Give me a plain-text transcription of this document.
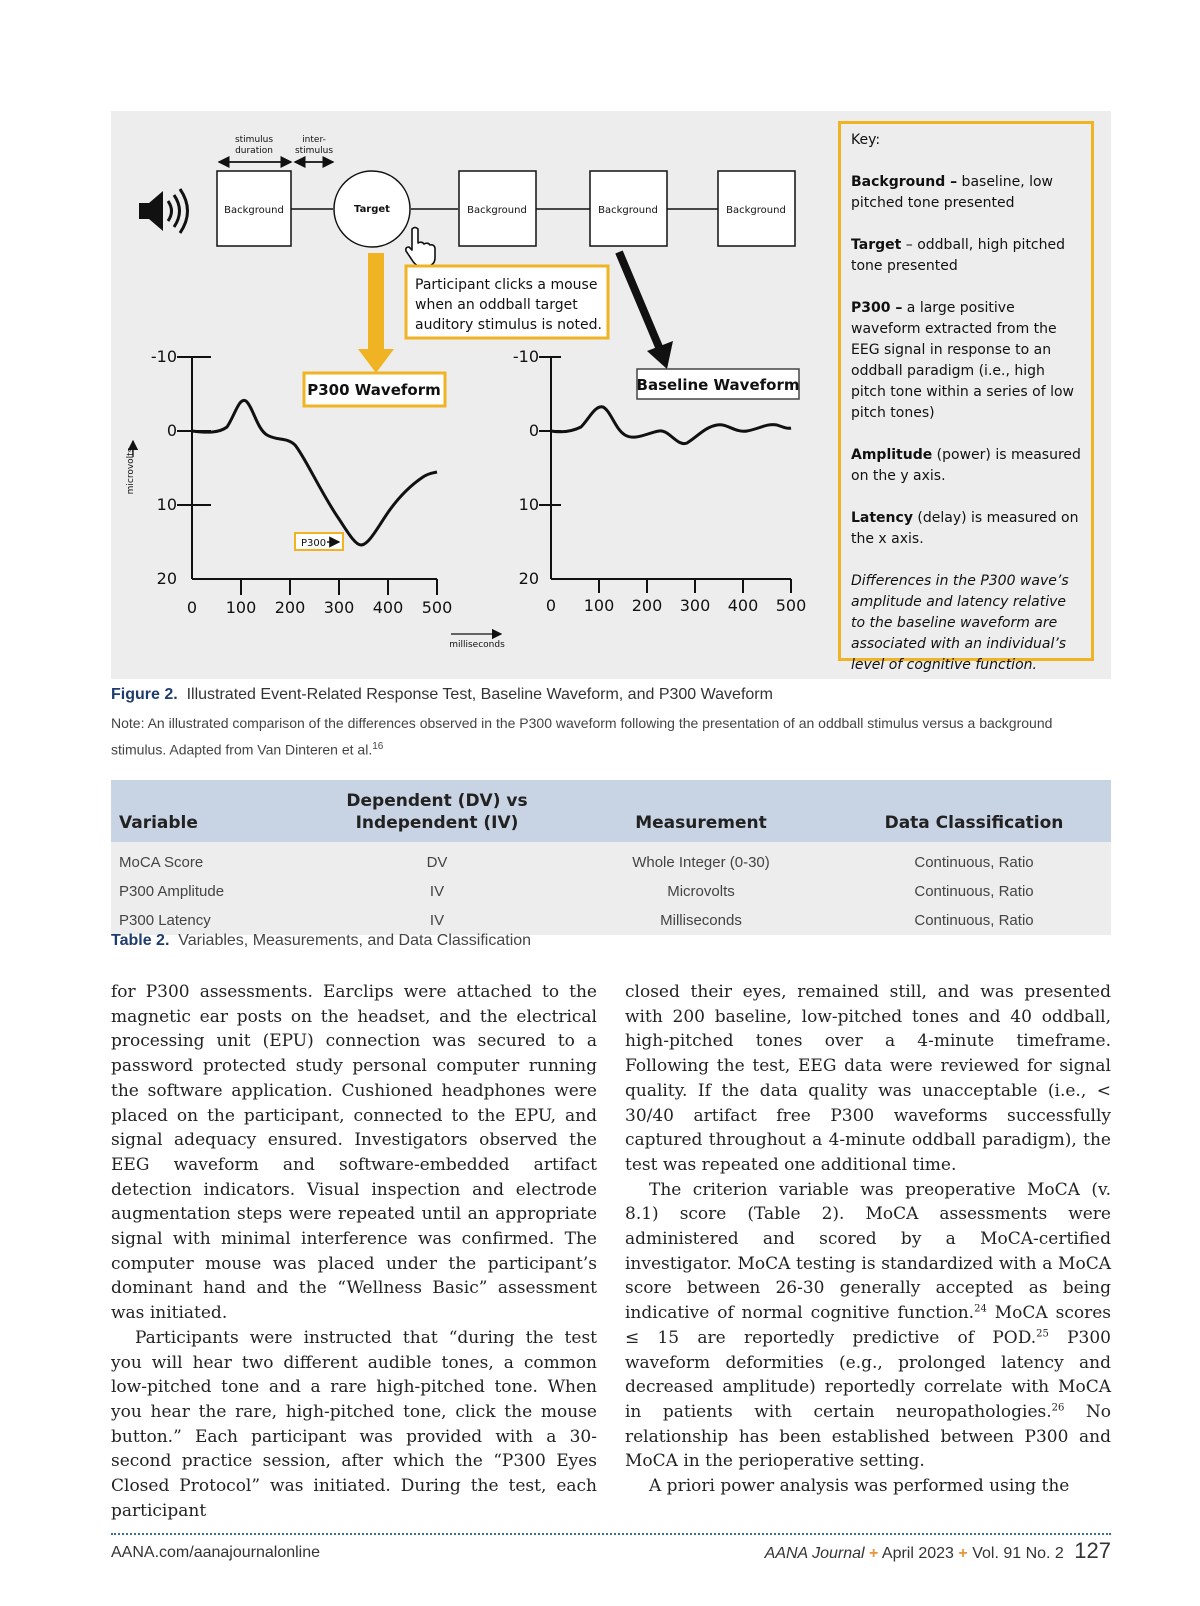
stimulus
duration
inter-
stimulus
Background	Target	Background	Background	Background
Participant clicks a mouse
when an oddball target
auditory stimulus is noted.
P300 Waveform	Baseline Waveform
-10
0
10
20
0 100 200 300 400 500
P300
microvolts
-10
0
10
20
0 100 200 300 400 500
milliseconds

Key:

Background – baseline, low pitched tone presented

Target – oddball, high pitched tone presented

P300 – a large positive waveform extracted from the EEG signal in response to an oddball paradigm (i.e., high pitch tone within a series of low pitch tones)

Amplitude (power) is measured on the y axis.

Latency (delay) is measured on the x axis.

Differences in the P300 wave’s amplitude and latency relative to the baseline waveform are associated with an individual’s level of cognitive function.

Figure 2. Illustrated Event-Related Response Test, Baseline Waveform, and P300 Waveform
Note: An illustrated comparison of the differences observed in the P300 waveform following the presentation of an oddball stimulus versus a background stimulus. Adapted from Van Dinteren et al.$^{16}$
Variable	Dependent (DV) vs Independent (IV)	Measurement	Data Classification
MoCA Score	DV	Whole Integer (0-30)	Continuous, Ratio
P300 Amplitude	IV	Microvolts	Continuous, Ratio
P300 Latency	IV	Milliseconds	Continuous, Ratio
Table 2. Variables, Measurements, and Data Classification

for P300 assessments. Earclips were attached to the magnetic ear posts on the headset, and the electrical processing unit (EPU) connection was secured to a password protected study personal computer running the software application. Cushioned headphones were placed on the participant, connected to the EPU, and signal adequacy ensured. Investigators observed the EEG waveform and software-embedded artifact detection indicators. Visual inspection and electrode augmentation steps were repeated until an appropriate signal with minimal interference was confirmed. The computer mouse was placed under the participant’s dominant hand and the “Wellness Basic” assessment was initiated.

Participants were instructed that “during the test you will hear two different audible tones, a common low-pitched tone and a rare high-pitched tone. When you hear the rare, high-pitched tone, click the mouse button.” Each participant was provided with a 30-second practice session, after which the “P300 Eyes Closed Protocol” was initiated. During the test, each participant

closed their eyes, remained still, and was presented with 200 baseline, low-pitched tones and 40 oddball, high-pitched tones over a 4-minute timeframe. Following the test, EEG data were reviewed for signal quality. If the data quality was unacceptable (i.e., < 30/40 artifact free P300 waveforms successfully captured throughout a 4-minute oddball paradigm), the test was repeated one additional time.

The criterion variable was preoperative MoCA (v. 8.1) score (Table 2). MoCA assessments were administered and scored by a MoCA-certified investigator. MoCA testing is standardized with a MoCA score between 26-30 generally accepted as being indicative of normal cognitive function.$^{24}$ MoCA scores ≤ 15 are reportedly predictive of POD.$^{25}$ P300 waveform deformities (e.g., prolonged latency and decreased amplitude) reportedly correlate with MoCA in patients with certain neuropathologies.$^{26}$ No relationship has been established between P300 and MoCA in the perioperative setting.

A priori power analysis was performed using the

AANA.com/aanajournalonline	AANA Journal + April 2023 + Vol. 91 No. 2 127
